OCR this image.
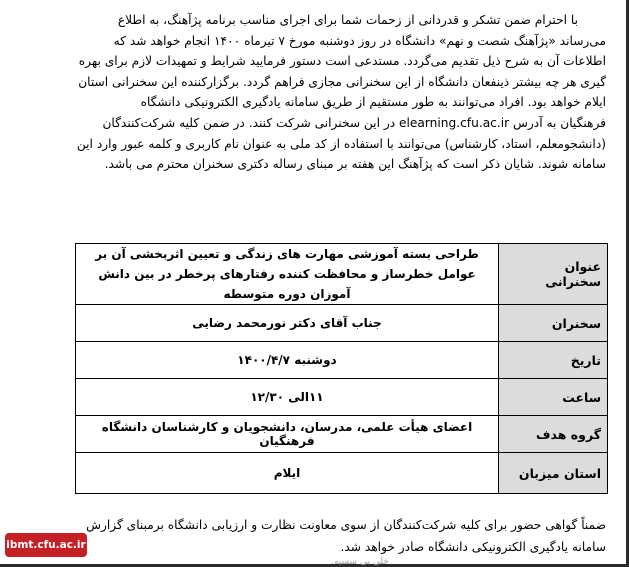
با احترام ضمن تشکر و قدردانی از زحمات شما برای اجرای مناسب برنامه پژآهنگ، به اطلاع
می‌رساند «پژآهنگ شصت و نهم» دانشگاه در روز دوشنبه مورخ ۷ تیرماه ۱۴۰۰ انجام خواهد شد که
اطلاعات آن به شرح ذیل تقدیم می‌گردد. مستدعی است دستور فرمایید شرایط و تمهیدات لازم برای بهره
گیری هر چه بیشتر ذینفعان دانشگاه از این سخنرانی مجازی فراهم گردد. برگزارکننده این سخنرانی استان
ایلام خواهد بود. افراد می‌توانند به طور مستقیم از طریق سامانه یادگیری الکترونیکی دانشگاه
فرهنگیان به آدرس elearning.cfu.ac.ir در این سخنرانی شرکت کنند. در ضمن کلیه شرکت‌کنندگان
(دانشجومعلم، استاد، کارشناس) می‌توانند با استفاده از کد ملی به عنوان نام کاربری و کلمه عبور وارد این
سامانه شوند. شایان ذکر است که پژآهنگ این هفته بر مبنای رساله دکتری سخنران محترم می باشد.
عنوان سخنرانی	طراحی بسته آموزشی مهارت های زندگی و تعیین اثربخشی آن بر عوامل خطرساز و محافظت کننده رفتارهای پرخطر در بین دانش آموزان دوره متوسطه
سخنران	جناب آقای دکتر نورمحمد رضایی
تاریخ	دوشنبه ۱۴۰۰/۴/۷
ساعت	۱۱الی ۱۲/۳۰
گروه هدف	اعضای هیأت علمی، مدرسان، دانشجویان و کارشناسان دانشگاه فرهنگیان
استان میزبان	ایلام
ضمناً گواهی حضور برای کلیه شرکت‌کنندگان از سوی معاونت نظارت و ارزیابی دانشگاه برمبنای گزارش
سامانه یادگیری الکترونیکی دانشگاه صادر خواهد شد.
خلی بی سسیه.
ibmt.cfu.ac.ir
